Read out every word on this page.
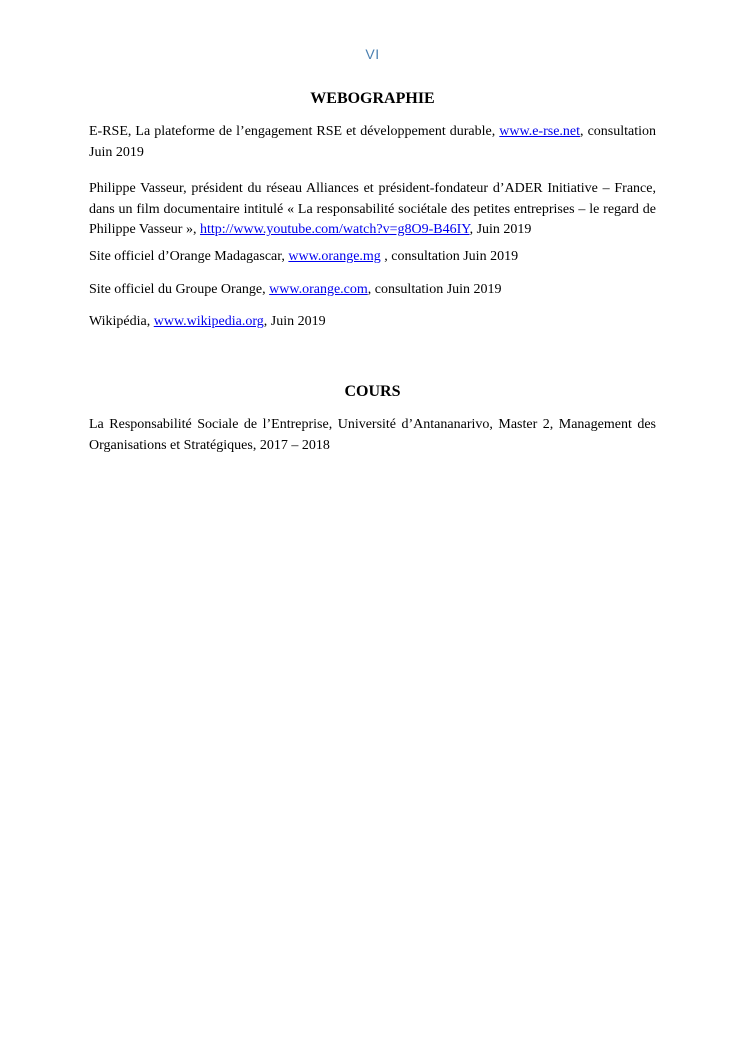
VI
WEBOGRAPHIE

E-RSE, La plateforme de l’engagement RSE et développement durable, www.e-rse.net, consultation Juin 2019

Philippe Vasseur, président du réseau Alliances et président-fondateur d’ADER Initiative – France, dans un film documentaire intitulé « La responsabilité sociétale des petites entreprises – le regard de Philippe Vasseur », http://www.youtube.com/watch?v=g8O9-B46IY, Juin 2019

Site officiel d’Orange Madagascar, www.orange.mg , consultation Juin 2019

Site officiel du Groupe Orange, www.orange.com, consultation Juin 2019

Wikipédia, www.wikipedia.org, Juin 2019

COURS

La Responsabilité Sociale de l’Entreprise, Université d’Antananarivo, Master 2, Management des Organisations et Stratégiques, 2017 – 2018
